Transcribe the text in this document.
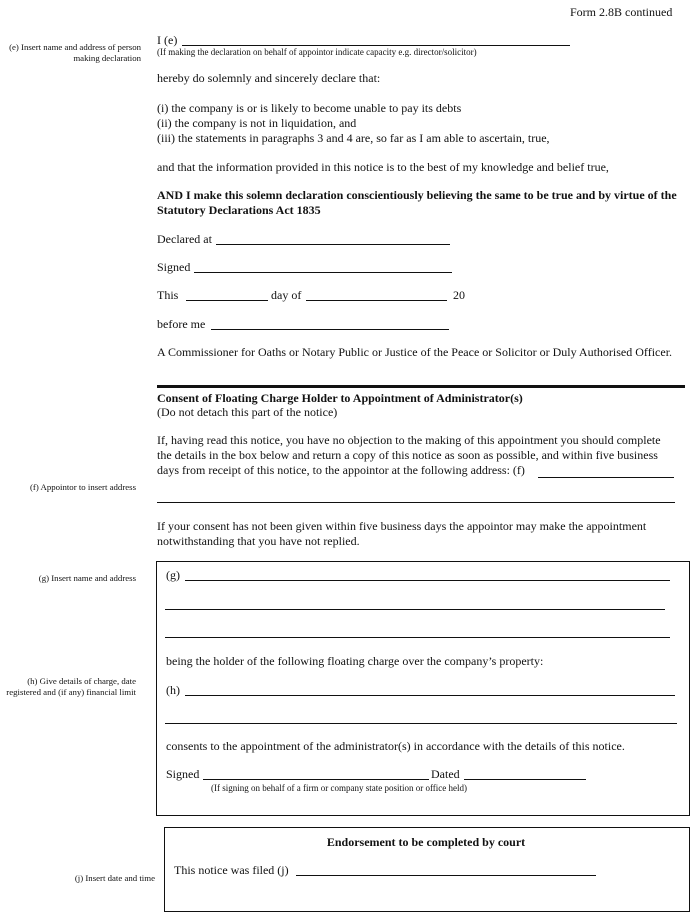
Form 2.8B continued
(e) Insert name and address of person making declaration
(f) Appointor to insert address
(g) Insert name and address
(h) Give details of charge, date registered and (if any) financial limit
(j) Insert date and time
I (e)
(If making the declaration on behalf of appointor indicate capacity e.g. director/solicitor)
hereby do solemnly and sincerely declare that:
(i) the company is or is likely to become unable to pay its debts
(ii) the company is not in liquidation, and
(iii) the statements in paragraphs 3 and 4 are, so far as I am able to ascertain, true,
and that the information provided in this notice is to the best of my knowledge and belief true,
AND I make this solemn declaration conscientiously believing the same to be true and by virtue of the Statutory Declarations Act 1835
Declared at
Signed
This	day of	20
before me
A Commissioner for Oaths or Notary Public or Justice of the Peace or Solicitor or Duly Authorised Officer.
Consent of Floating Charge Holder to Appointment of Administrator(s)
(Do not detach this part of the notice)
If, having read this notice, you have no objection to the making of this appointment you should complete the details in the box below and return a copy of this notice as soon as possible, and within five business days from receipt of this notice, to the appointor at the following address: (f)
If your consent has not been given within five business days the appointor may make the appointment notwithstanding that you have not replied.
(g)
being the holder of the following floating charge over the company’s property:
(h)
consents to the appointment of the administrator(s) in accordance with the details of this notice.
Signed	Dated
(If signing on behalf of a firm or company state position or office held)
Endorsement to be completed by court
This notice was filed (j)
